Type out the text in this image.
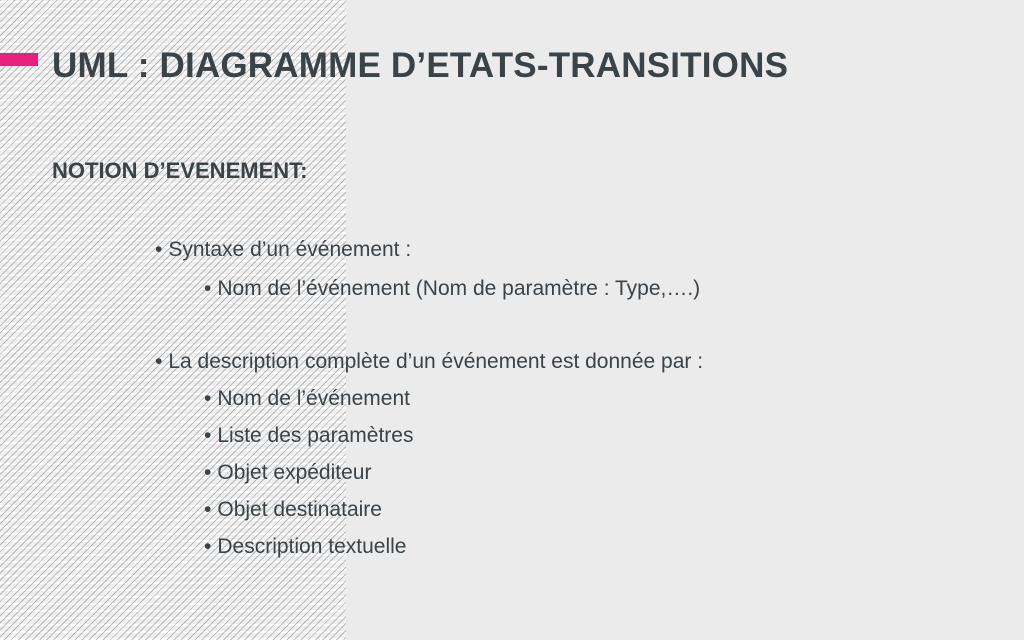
UML : DIAGRAMME D’ETATS-TRANSITIONS
NOTION D’EVENEMENT:
• Syntaxe d’un événement :
• Nom de l’événement (Nom de paramètre : Type,….)
• La description complète d’un événement est donnée par :
• Nom de l’événement
• Liste des paramètres
• Objet expéditeur
• Objet destinataire
• Description textuelle
